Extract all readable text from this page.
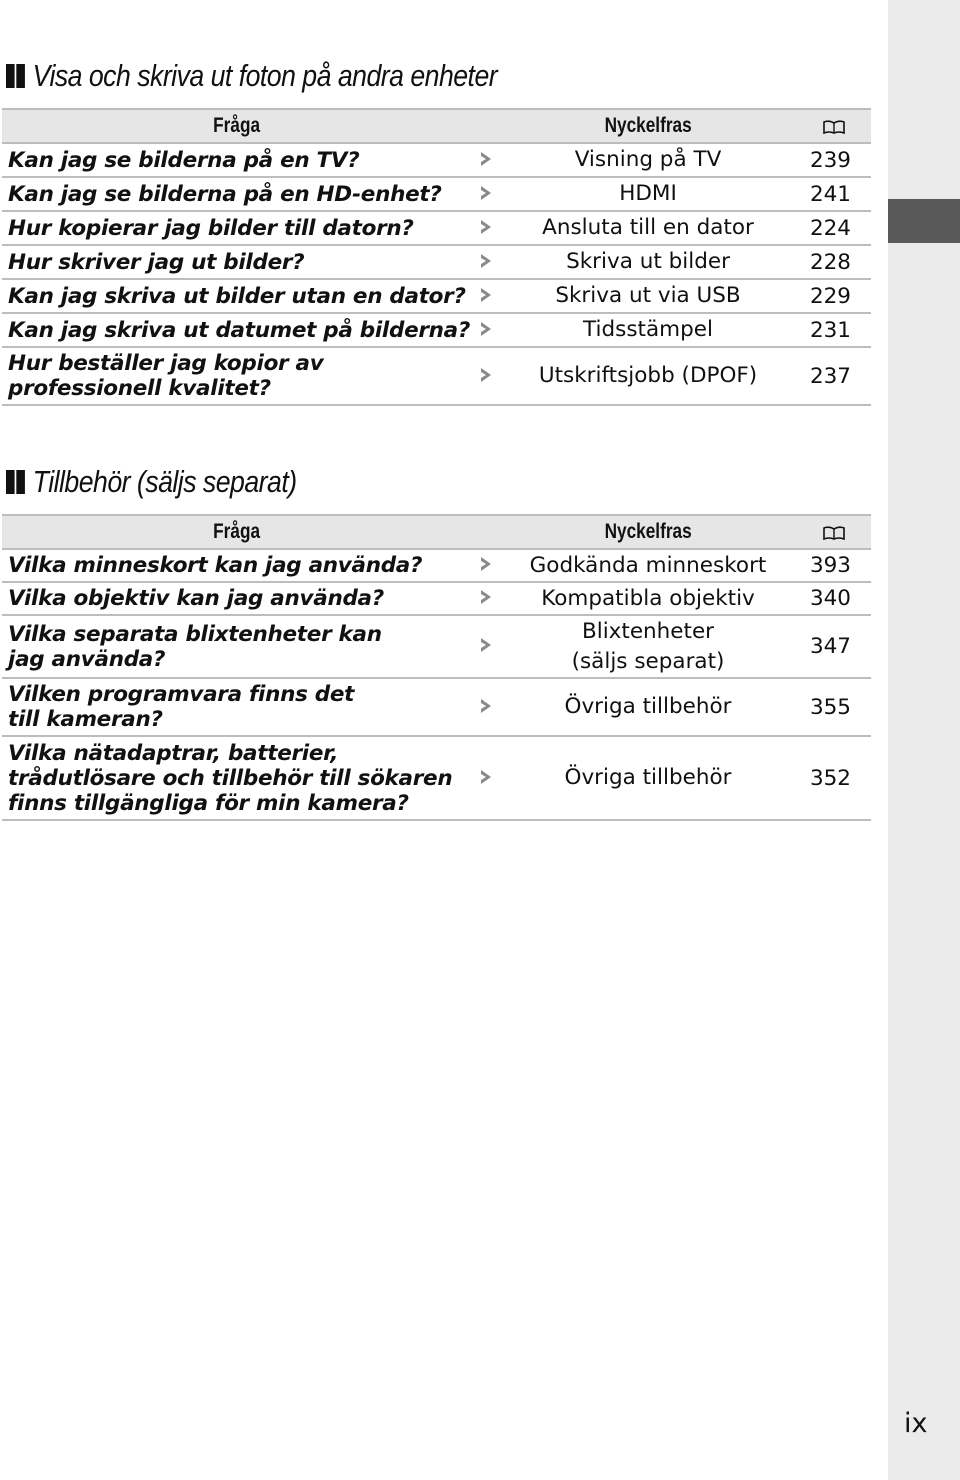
Visa och skriva ut foton på andra enheter
Fråga		Nyckelfras	
Kan jag se bilderna på en TV?		Visning på TV	239
Kan jag se bilderna på en HD-enhet?		HDMI	241
Hur kopierar jag bilder till datorn?		Ansluta till en dator	224
Hur skriver jag ut bilder?		Skriva ut bilder	228
Kan jag skriva ut bilder utan en dator?		Skriva ut via USB	229
Kan jag skriva ut datumet på bilderna?		Tidsstämpel	231
Hur beställer jag kopior av professionell kvalitet?		Utskriftsjobb (DPOF)	237
Tillbehör (säljs separat)
Fråga		Nyckelfras	
Vilka minneskort kan jag använda?		Godkända minneskort	393
Vilka objektiv kan jag använda?		Kompatibla objektiv	340
Vilka separata blixtenheter kan jag använda?		Blixtenheter (säljs separat)	347
Vilken programvara finns det till kameran?		Övriga tillbehör	355
Vilka nätadaptrar, batterier, trådutlösare och tillbehör till sökaren finns tillgängliga för min kamera?		Övriga tillbehör	352
ix
